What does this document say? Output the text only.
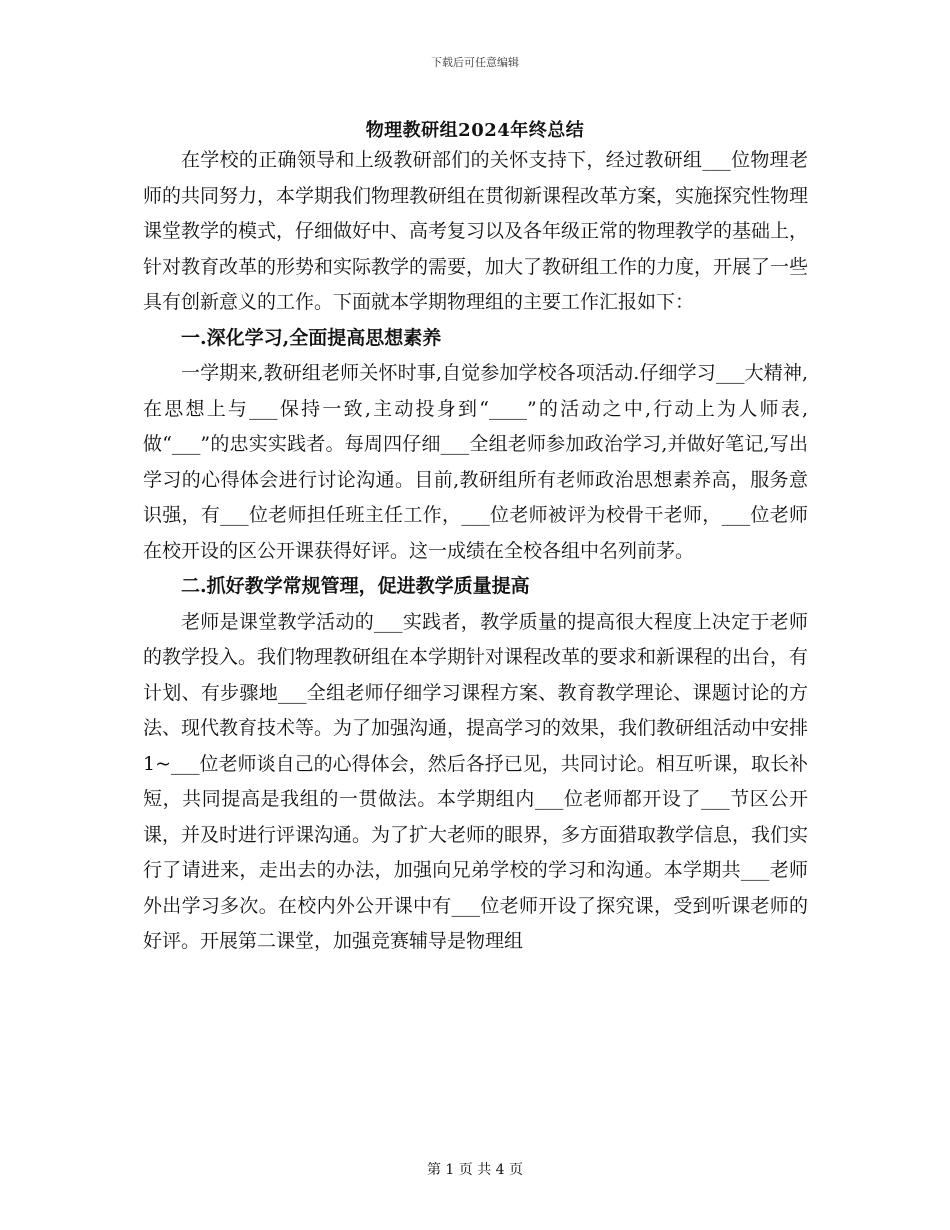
下载后可任意编辑
物理教研组2024年终总结

在学校的正确领导和上级教研部们的关怀支持下，经过教研组___位物理老师的共同努力，本学期我们物理教研组在贯彻新课程改革方案，实施探究性物理课堂教学的模式，仔细做好中、高考复习以及各年级正常的物理教学的基础上，针对教育改革的形势和实际教学的需要，加大了教研组工作的力度，开展了一些具有创新意义的工作。下面就本学期物理组的主要工作汇报如下：

一.深化学习,全面提高思想素养

一学期来,教研组老师关怀时事,自觉参加学校各项活动.仔细学习___大精神,在思想上与___保持一致,主动投身到“____”的活动之中,行动上为人师表,做“___”的忠实实践者。每周四仔细___全组老师参加政治学习,并做好笔记,写出学习的心得体会进行讨论沟通。目前,教研组所有老师政治思想素养高，服务意识强，有___位老师担任班主任工作，___位老师被评为校骨干老师，___位老师在校开设的区公开课获得好评。这一成绩在全校各组中名列前茅。

二.抓好教学常规管理，促进教学质量提高

老师是课堂教学活动的___实践者，教学质量的提高很大程度上决定于老师的教学投入。我们物理教研组在本学期针对课程改革的要求和新课程的出台，有计划、有步骤地___全组老师仔细学习课程方案、教育教学理论、课题讨论的方法、现代教育技术等。为了加强沟通，提高学习的效果，我们教研组活动中安排1~___位老师谈自己的心得体会，然后各抒已见，共同讨论。相互听课，取长补短，共同提高是我组的一贯做法。本学期组内___位老师都开设了___节区公开课，并及时进行评课沟通。为了扩大老师的眼界，多方面猎取教学信息，我们实行了请进来，走出去的办法，加强向兄弟学校的学习和沟通。本学期共___老师外出学习多次。在校内外公开课中有___位老师开设了探究课，受到听课老师的好评。开展第二课堂，加强竞赛辅导是物理组

第 1 页 共 4 页
